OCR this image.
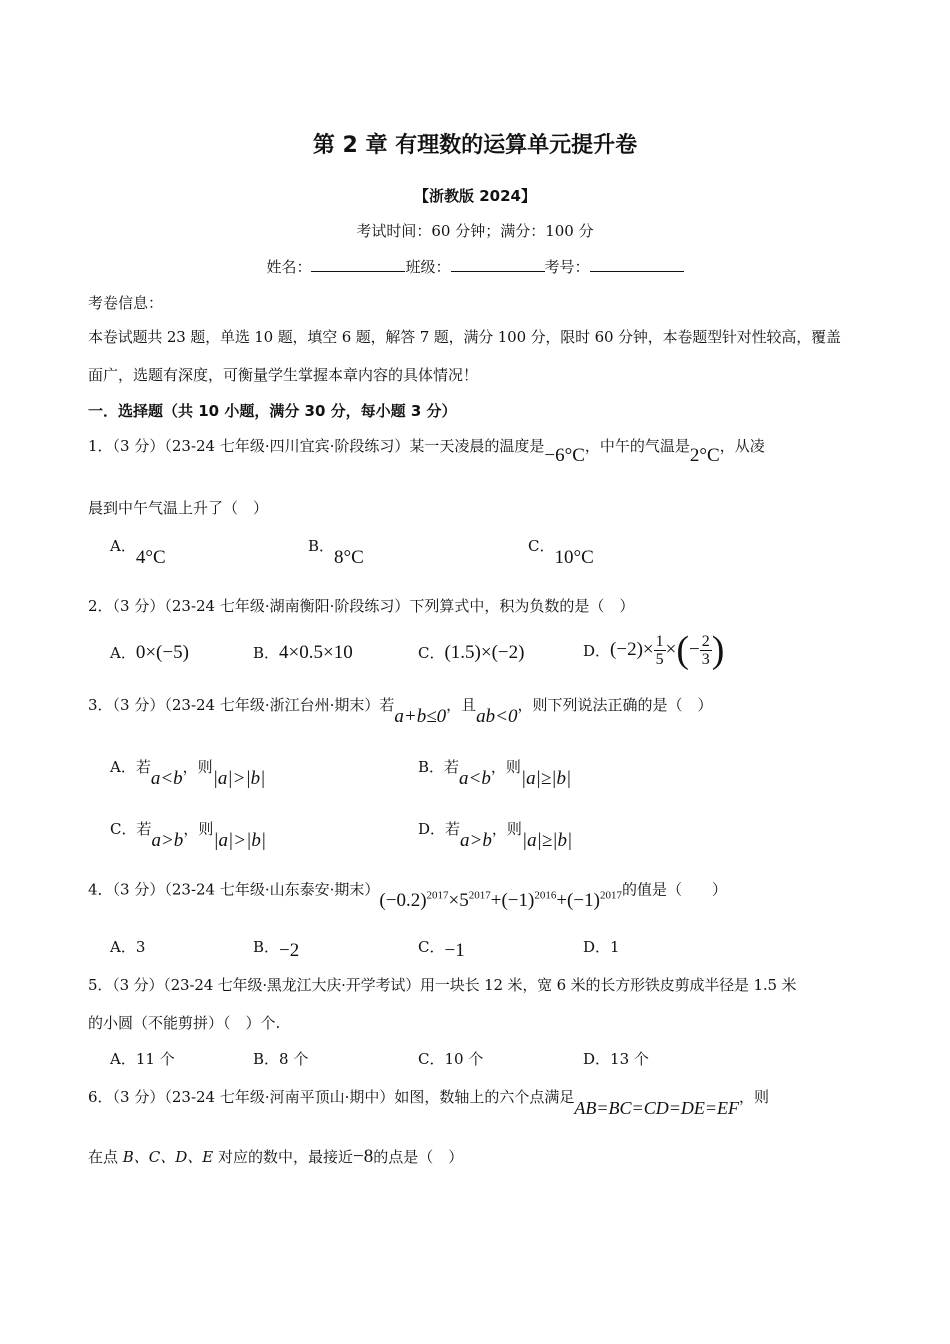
第 2 章 有理数的运算单元提升卷
【浙教版 2024】
考试时间：60 分钟；满分：100 分
姓名：	班级：	考号：
考卷信息：
本卷试题共 23 题，单选 10 题，填空 6 题，解答 7 题，满分 100 分，限时 60 分钟，本卷题型针对性较高，覆盖
面广，选题有深度，可衡量学生掌握本章内容的具体情况！
一．选择题（共 10 小题，满分 30 分，每小题 3 分）
1．（3 分）（23-24 七年级·四川宜宾·阶段练习）某一天凌晨的温度是−6°C，中午的气温是2°C，从凌
晨到中午气温上升了（　）
A．4°C
B．8°C
C．10°C
2．（3 分）（23-24 七年级·湖南衡阳·阶段练习）下列算式中，积为负数的是（　）
A．0×(−5)	B．4×0.5×10	C．(1.5)×(−2)	D． $(-2)\times \frac{1}{5}$ × ( − $\frac{2}{3}$ )
3．（3 分）（23-24 七年级·浙江台州·期末）若a+b≤0，且ab<0，则下列说法正确的是（　）
A．若a<b，则|a|>|b|
B．若a<b，则|a|≥|b|
C．若a>b，则|a|>|b|
D．若a>b，则|a|≥|b|
4．（3 分）（23-24 七年级·山东泰安·期末）$(-0.2)^{2017}\times 5^{2017}+(-1)^{2016}+(-1)^{2017}$的值是（　　）
A．3	B．−2	C．−1	D．1
5．（3 分）（23-24 七年级·黑龙江大庆·开学考试）用一块长 12 米，宽 6 米的长方形铁皮剪成半径是 1.5 米
的小圆（不能剪拼）（　）个.
A．11 个	B．8 个	C．10 个	D．13 个
6．（3 分）（23-24 七年级·河南平顶山·期中）如图，数轴上的六个点满足AB=BC=CD=DE=EF，则
在点 B、C、D、E 对应的数中，最接近−8的点是（　）
